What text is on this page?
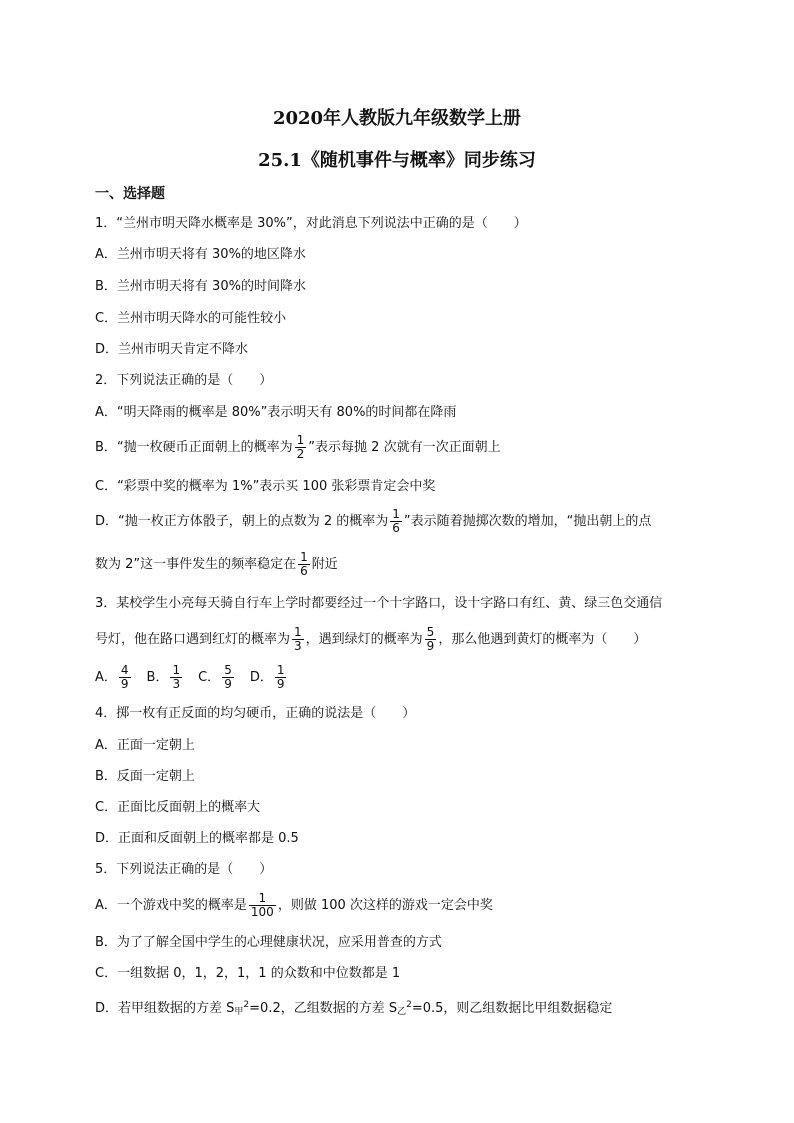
2020年人教版九年级数学上册
25.1《随机事件与概率》同步练习
一、选择题
1．“兰州市明天降水概率是 30%”，对此消息下列说法中正确的是（　　）
A．兰州市明天将有 30%的地区降水
B．兰州市明天将有 30%的时间降水
C．兰州市明天降水的可能性较小
D．兰州市明天肯定不降水
2．下列说法正确的是（　　）
A．“明天降雨的概率是 80%”表示明天有 80%的时间都在降雨
B．“抛一枚硬币正面朝上的概率为 $\frac{1}{2}$ ”表示每抛 2 次就有一次正面朝上
C．“彩票中奖的概率为 1%”表示买 100 张彩票肯定会中奖
D．“抛一枚正方体骰子，朝上的点数为 2 的概率为 $\frac{1}{6}$ ”表示随着抛掷次数的增加，“抛出朝上的点
数为 2”这一事件发生的频率稳定在 $\frac{1}{6}$ 附近
3．某校学生小亮每天骑自行车上学时都要经过一个十字路口，设十字路口有红、黄、绿三色交通信
号灯，他在路口遇到红灯的概率为 $\frac{1}{3}$ ，遇到绿灯的概率为 $\frac{5}{9}$ ，那么他遇到黄灯的概率为（　　）
A． $\frac{4}{9}$ B． $\frac{1}{3}$ C． $\frac{5}{9}$ D． $\frac{1}{9}$
4．掷一枚有正反面的均匀硬币，正确的说法是（　　）
A．正面一定朝上
B．反面一定朝上
C．正面比反面朝上的概率大
D．正面和反面朝上的概率都是 0.5
5．下列说法正确的是（　　）
A．一个游戏中奖的概率是 $\frac{1}{100}$ ，则做 100 次这样的游戏一定会中奖
B．为了了解全国中学生的心理健康状况，应采用普查的方式
C．一组数据 0，1，2，1，1 的众数和中位数都是 1
D．若甲组数据的方差 $S_甲^2=0.2$，乙组数据的方差 $S_乙^2=0.5$，则乙组数据比甲组数据稳定
